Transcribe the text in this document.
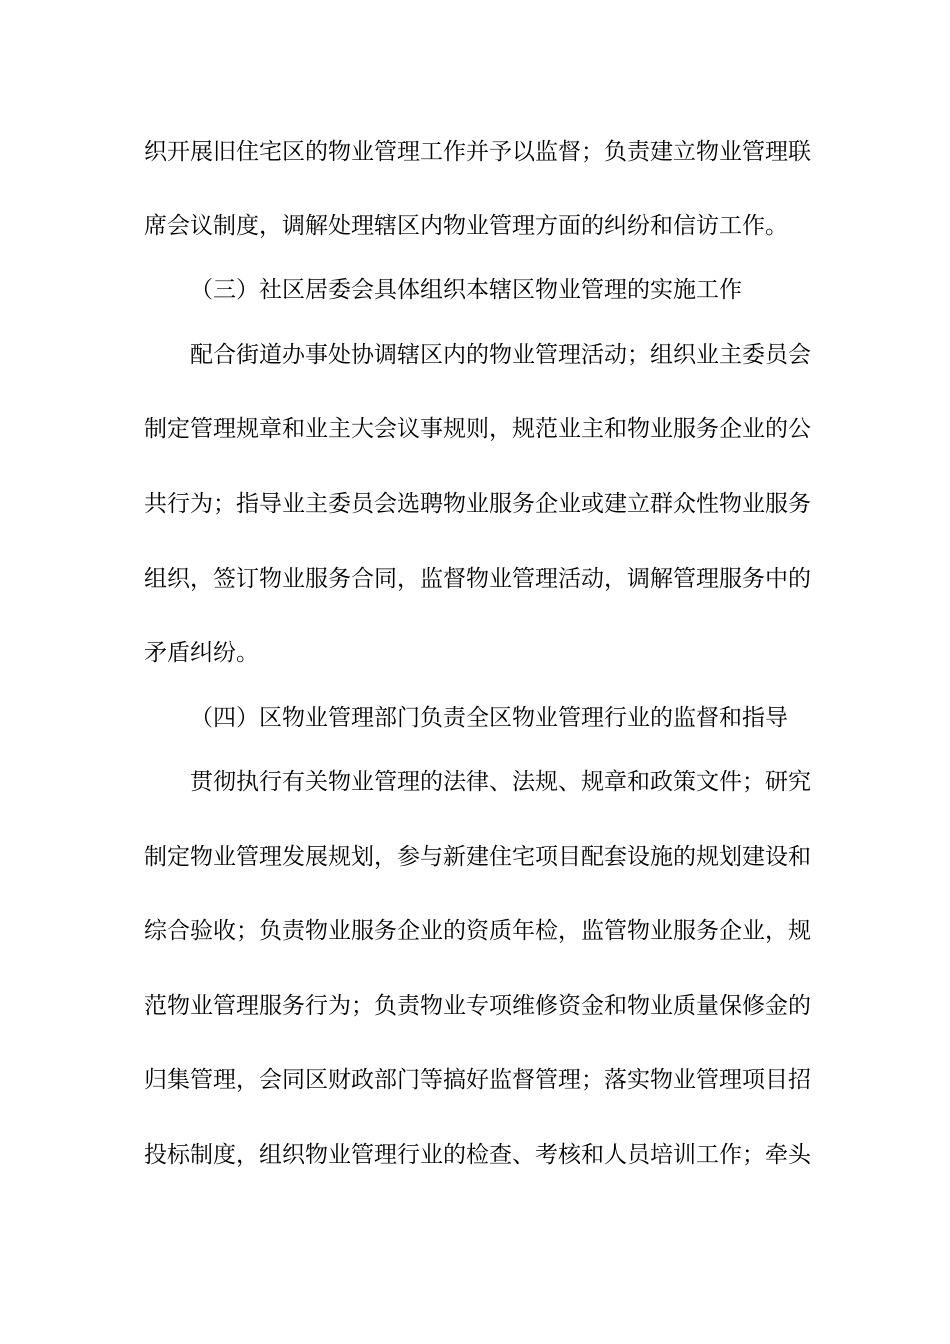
织开展旧住宅区的物业管理工作并予以监督；负责建立物业管理联

席会议制度，调解处理辖区内物业管理方面的纠纷和信访工作。

（三）社区居委会具体组织本辖区物业管理的实施工作

配合街道办事处协调辖区内的物业管理活动；组织业主委员会

制定管理规章和业主大会议事规则，规范业主和物业服务企业的公

共行为；指导业主委员会选聘物业服务企业或建立群众性物业服务

组织，签订物业服务合同，监督物业管理活动，调解管理服务中的

矛盾纠纷。

（四）区物业管理部门负责全区物业管理行业的监督和指导

贯彻执行有关物业管理的法律、法规、规章和政策文件；研究

制定物业管理发展规划，参与新建住宅项目配套设施的规划建设和

综合验收；负责物业服务企业的资质年检，监管物业服务企业，规

范物业管理服务行为；负责物业专项维修资金和物业质量保修金的

归集管理，会同区财政部门等搞好监督管理；落实物业管理项目招

投标制度，组织物业管理行业的检查、考核和人员培训工作；牵头
